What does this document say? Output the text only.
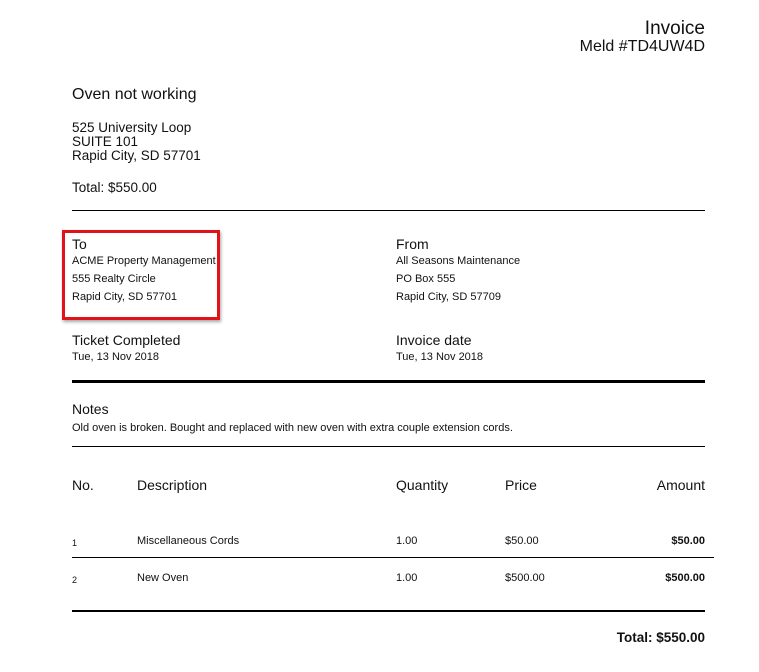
Invoice
Meld #TD4UW4D
Oven not working
525 University Loop
SUITE 101
Rapid City, SD 57701
Total: $550.00
To
ACME Property Management
555 Realty Circle
Rapid City, SD 57701
From
All Seasons Maintenance
PO Box 555
Rapid City, SD 57709
Ticket Completed
Tue, 13 Nov 2018
Invoice date
Tue, 13 Nov 2018
Notes
Old oven is broken. Bought and replaced with new oven with extra couple extension cords.
No.	Description	Quantity	Price	Amount
1	Miscellaneous Cords	1.00	$50.00	$50.00
2	New Oven	1.00	$500.00	$500.00
Total: $550.00
